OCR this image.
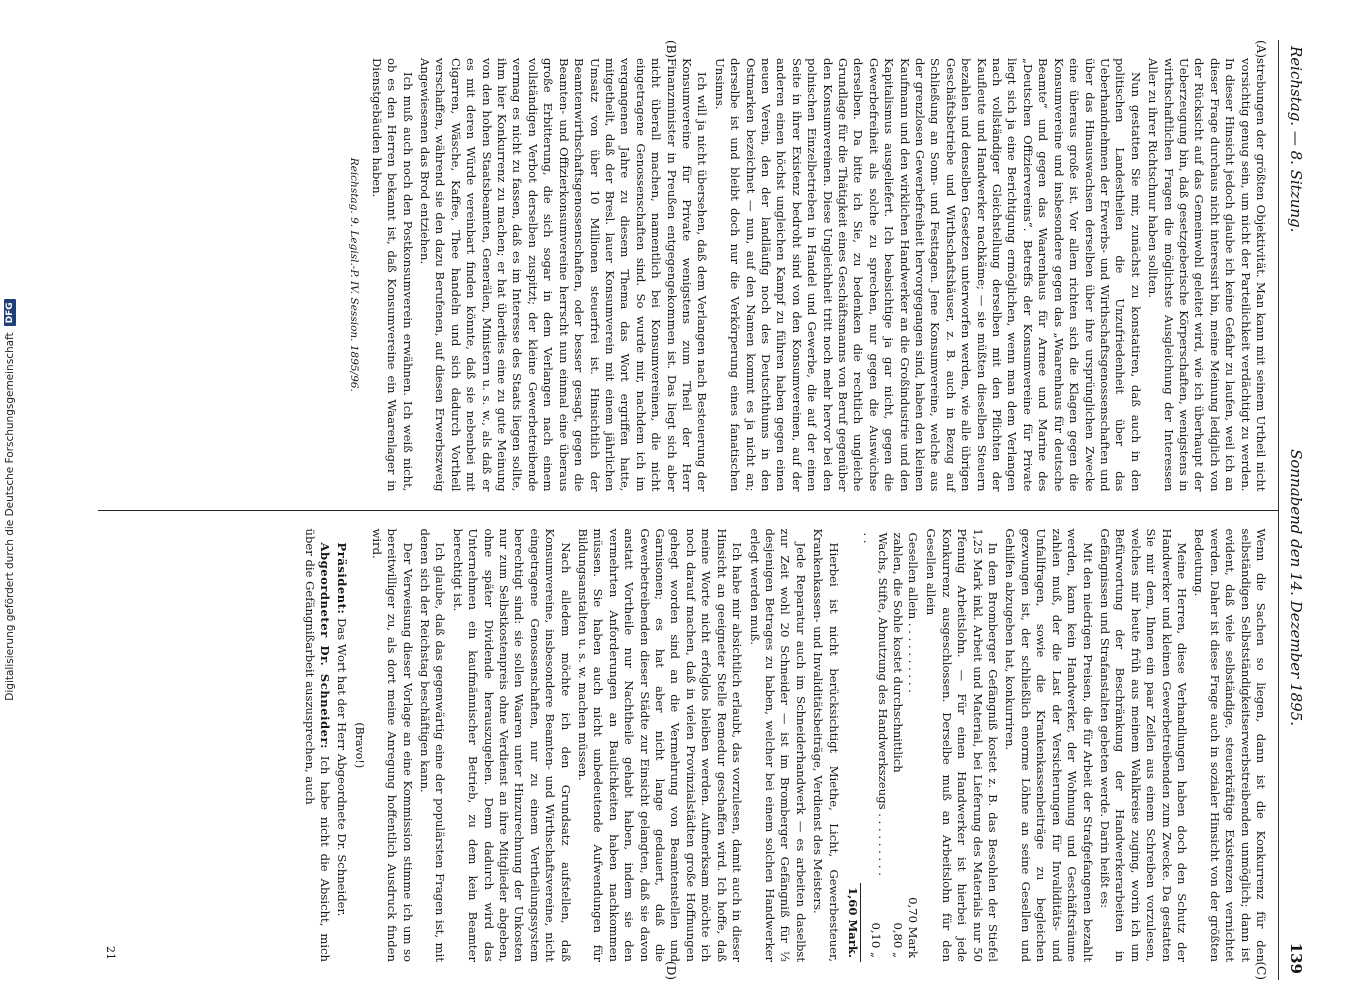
Digitalisierung gefördert durch die Deutsche Forschungsgemeinschaft
DFG
Reichstag. — 8. Sitzung.
Sonnabend den 14. Dezember 1895.
139
(A)
(B)

strebungen der größten Objektivität. Man kann mit seinem Urtheil nicht vorsichtig genug sein, um nicht der Parteilichkeit verdächtigt zu werden. In dieser Hinsicht jedoch glaube ich keine Gefahr zu laufen, weil ich an dieser Frage durchaus nicht interessirt bin, meine Meinung lediglich von der Rücksicht auf das Gemeinwohl geleitet wird, wie ich überhaupt der Ueberzeugung bin, daß gesetzgeberische Körperschaften, wenigstens in wirthschaftlichen Fragen die möglichste Ausgleichung der Interessen Aller zu ihrer Richtschnur haben sollten.

Nun gestatten Sie mir, zunächst zu konstatiren, daß auch in den politischen Landestheilen die Unzufriedenheit über das Ueberhandnehmen der Erwerbs- und Wirthschaftsgenossenschaften und über das Hinauswachsen derselben über ihre ursprünglichen Zwecke eine überaus große ist. Vor allem richten sich die Klagen gegen die Konsumvereine und insbesondere gegen das „Waarenhaus für deutsche Beamte“ und gegen das Waarenhaus für Armee und Marine des „Deutschen Offiziervereins“. Betreffs der Konsumvereine für Private liegt sich ja eine Berichtigung ermöglichen, wenn man dem Verlangen nach vollständiger Gleichstellung derselben mit den Pflichten der Kaufleute und Handwerker nachkäme; — sie müßten dieselben Steuern bezahlen und denselben Gesetzen unterworfen werden, wie alle übrigen Geschäftsbetriebe und Wirthschaftshäuser, z. B. auch in Bezug auf Schließung an Sonn- und Festtagen. Jene Konsumvereine, welche aus der grenzlosen Gewerbefreiheit hervorgegangen sind, haben den kleinen Kaufmann und den wirklichen Handwerker an die Großindustrie und den Kapitalismus ausgeliefert. Ich beabsichtige ja gar nicht, gegen die Gewerbefreiheit als solche zu sprechen, nur gegen die Auswüchse derselben. Da bitte ich Sie, zu bedenken die rechtlich ungleiche Grundlage für die Thätigkeit eines Geschäftsmanns von Beruf gegenüber den Konsumvereinen. Diese Ungleichheit tritt noch mehr hervor bei den polnischen Einzelbetrieben in Handel und Gewerbe, die auf der einen Seite in ihrer Existenz bedroht sind von den Konsumvereinen, auf der anderen einen höchst ungleichen Kampf zu führen haben gegen einen neuen Verein, den der landläufig noch des Deutschthums in den Ostmarken bezeichnet — nun, auf den Namen kommt es ja nicht an; derselbe ist und bleibt doch nur die Verkörperung eines fanatischen Unsinns.

Ich will ja nicht übersehen, daß dem Verlangen nach Besteuerung der Konsumvereine für Private wenigstens zum Theil der Herr Finanzminister in Preußen entgegengekommen ist. Das liegt sich aber nicht überall machen, namentlich bei Konsumvereinen, die nicht eingetragene Genossenschaften sind. So wurde mir, nachdem ich im vergangenen Jahre zu diesem Thema das Wort ergriffen hatte, mitgetheilt, daß der Bresl. lauer Konsumverein mit einem jährlichen Umsatz von über 10 Millionen steuerfrei ist. Hinsichtlich der Beamtenwirthschaftsgenossenschaften, oder besser gesagt, gegen die Beamten- und Offizierkonsumvereine herrscht nun einmal eine überaus große Erbitterung, die sich sogar in dem Verlangen nach einem vollständigen Verbot derselben zuspitzt; der kleine Gewerbetreibende vermag es nicht zu fassen, daß es im Interesse des Staats liegen sollte, ihm hier Konkurrenz zu machen; er hat überdies eine zu gute Meinung von den hohen Staatsbeamten, Generälen, Ministern u. s. w., als daß er es mit deren Würde vereinbart finden könnte, daß sie nebenbei mit Cigarren, Wäsche, Kaffee, Thee handeln und sich dadurch Vortheil verschaffen, während sie den dazu Berufenen, auf diesen Erwerbszweig Angewiesenen das Brod entziehen.

Ich muß auch noch den Postkonsumverein erwähnen. Ich weiß nicht, ob es den Herren bekannt ist, daß Konsumvereine ein Waarenlager in Dienstgebäuden haben.

Reichstag. 9. Legisl.-P. IV. Session. 1895/96.
(C)
(D)

Wenn die Sachen so liegen, dann ist die Konkurrenz für den selbständigen Selbstständigkeitserwerbstreibenden unmöglich; dann ist evident, daß viele selbständige, steuerkräftige Existenzen vernichtet werden. Daher ist diese Frage auch in sozialer Hinsicht von der größten Bedeutung.

Meine Herren, diese Verhandlungen haben doch den Schutz der Handwerker und kleinen Gewerbetreibenden zum Zwecke. Da gestatten Sie mir dem, Ihnen ein paar Zeilen aus einem Schreiben vorzulesen, welches mir heute früh aus meinem Wahlkreise zuging, worin ich um Befürwortung der Beschränkung der Handwerkerarbeiten in Gefängnissen und Strafanstalten gebeten werde. Darin heißt es:

Mit den niedrigen Preisen, die für Arbeit der Strafgefangenen bezahlt werden, kann kein Handwerker, der Wohnung und Geschäftsräume zahlen muß, der die Last der Versicherungen für Invaliditäts- und Unfallfragen, sowie die Krankenkassenbeiträge zu begleichen gezwungen ist, der schließlich enorme Löhne an seine Gesellen und Gehilfen abzugeben hat, konkurriren.

In dem Bromberger Gefängniß kostet z. B. das Besohlen der Stiefel 1,25 Mark inkl. Arbeit und Material, bei Lieferung des Materials nur 50 Pfennig Arbeitslohn. — Für einen Handwerker ist hierbei jede Konkurrenz ausgeschlossen. Derselbe muß an Arbeitslohn für den Gesellen allein

Gesellen allein . . . . . . . . . .	0,70 Mark
zahlen, die Sohle kostet durchschnittlich	0,80 „
Wachs, Stifte, Abnutzung des Handwerkszeugs . . . . . . . . . . .	0,10 „
	1,60 Mark.

Hierbei ist nicht berücksichtigt Miethe, Licht, Gewerbesteuer, Krankenkassen- und Invaliditätsbeiträge, Verdienst des Meisters.

Jede Reparatur auch im Schneiderhandwerk — es arbeiten daselbst zur Zeit wohl 20 Schneider — ist im Bromberger Gefängniß für ⅓ desjenigen Betrages zu haben, welcher bei einem solchen Handwerker erlegt werden muß.

Ich habe mir absichtlich erlaubt, das vorzulesen, damit auch in dieser Hinsicht an geeigneter Stelle Remedur geschaffen wird. Ich hoffe, daß meine Worte nicht erfolglos bleiben werden. Aufmerksam möchte ich noch darauf machen, daß in vielen Provinzialstädten große Hoffnungen gehegt worden sind an die Vermehrung von Beamtenstellen und Garnisonen; es hat aber nicht lange gedauert, daß die Gewerbetreibenden dieser Städte zur Einsicht gelangten, daß sie davon anstatt Vortheile nur Nachtheile gehabt haben, indem sie den vermehrten Anforderungen an Baulichkeiten haben nachkommen müssen. Sie haben auch nicht unbedeutende Aufwendungen für Bildungsanstalten u. s. w. machen müssen.

Nach alledem möchte ich den Grundsatz aufstellen, daß Konsumvereine, insbesondere Beamten- und Wirthschaftsvereine, nicht eingetragene Genossenschaften, nur zu einem Vertheilungssystem berechtigt sind: sie sollen Waaren unter Hinzurechnung der Unkosten nur zum Selbstkostenpreis ohne Verdienst an ihre Mitglieder abgeben, ohne später Dividende herauszugeben. Denn dadurch wird das Unternehmen ein kaufmännischer Betrieb, zu dem kein Beamter berechtigt ist.

Ich glaube, daß das gegenwärtig eine der populärsten Fragen ist, mit denen sich der Reichstag beschäftigen kann.

Der Verweisung dieser Vorlage an eine Kommission stimme ich um so bereitwilliger zu, als dort meine Anregung hoffentlich Ausdruck finden wird.

(Bravo!)

Präsident: Das Wort hat der Herr Abgeordnete Dr. Schneider.

Abgeordneter Dr. Schneider: Ich habe nicht die Absicht, mich über die Gefängnißarbeit auszusprechen, auch

21
